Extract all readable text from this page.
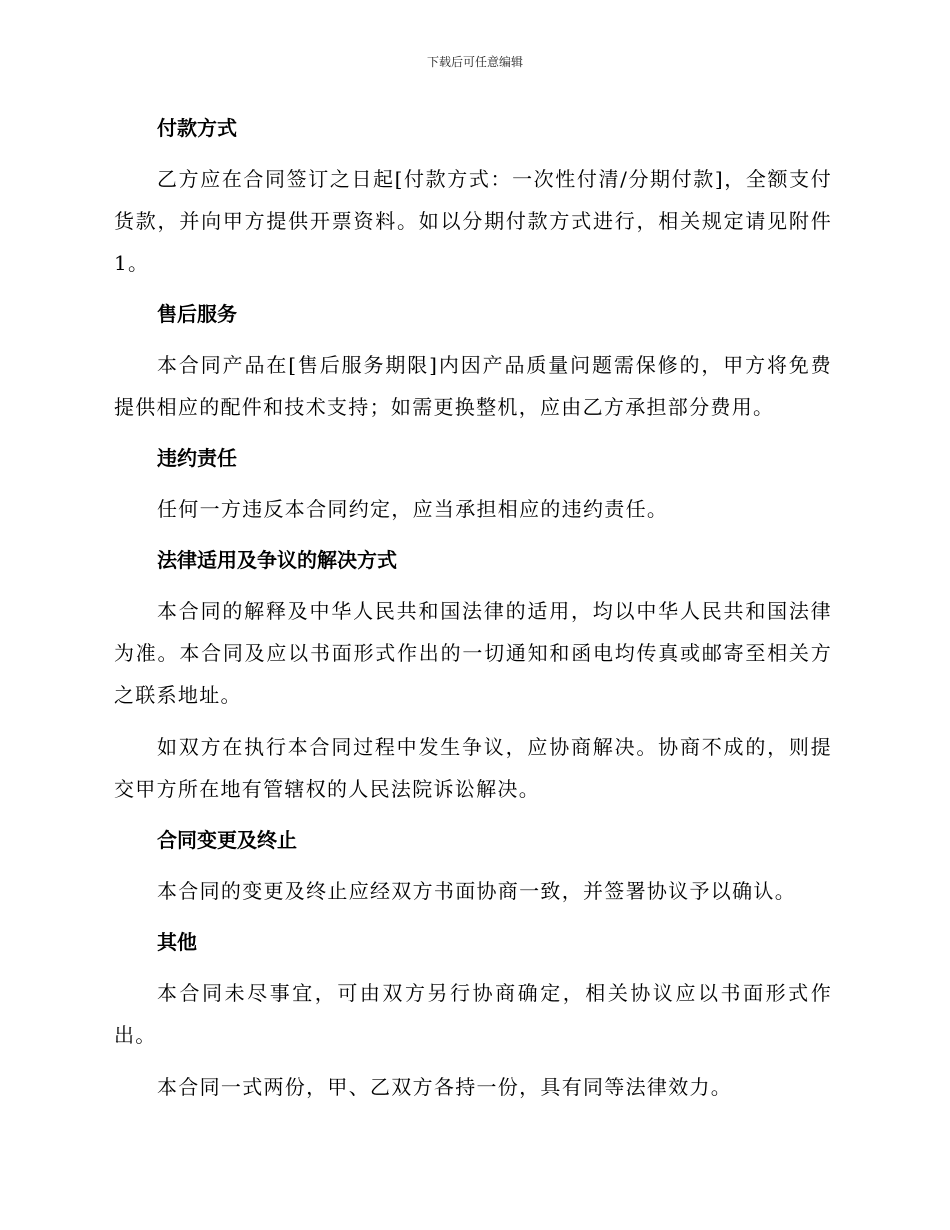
下载后可任意编辑
付款方式

乙方应在合同签订之日起[付款方式：一次性付清/分期付款]，全额支付货款，并向甲方提供开票资料。如以分期付款方式进行，相关规定请见附件1。

售后服务

本合同产品在[售后服务期限]内因产品质量问题需保修的，甲方将免费提供相应的配件和技术支持；如需更换整机，应由乙方承担部分费用。

违约责任

任何一方违反本合同约定，应当承担相应的违约责任。

法律适用及争议的解决方式

本合同的解释及中华人民共和国法律的适用，均以中华人民共和国法律为准。本合同及应以书面形式作出的一切通知和函电均传真或邮寄至相关方之联系地址。

如双方在执行本合同过程中发生争议，应协商解决。协商不成的，则提交甲方所在地有管辖权的人民法院诉讼解决。

合同变更及终止

本合同的变更及终止应经双方书面协商一致，并签署协议予以确认。

其他

本合同未尽事宜，可由双方另行协商确定，相关协议应以书面形式作出。

本合同一式两份，甲、乙双方各持一份，具有同等法律效力。
